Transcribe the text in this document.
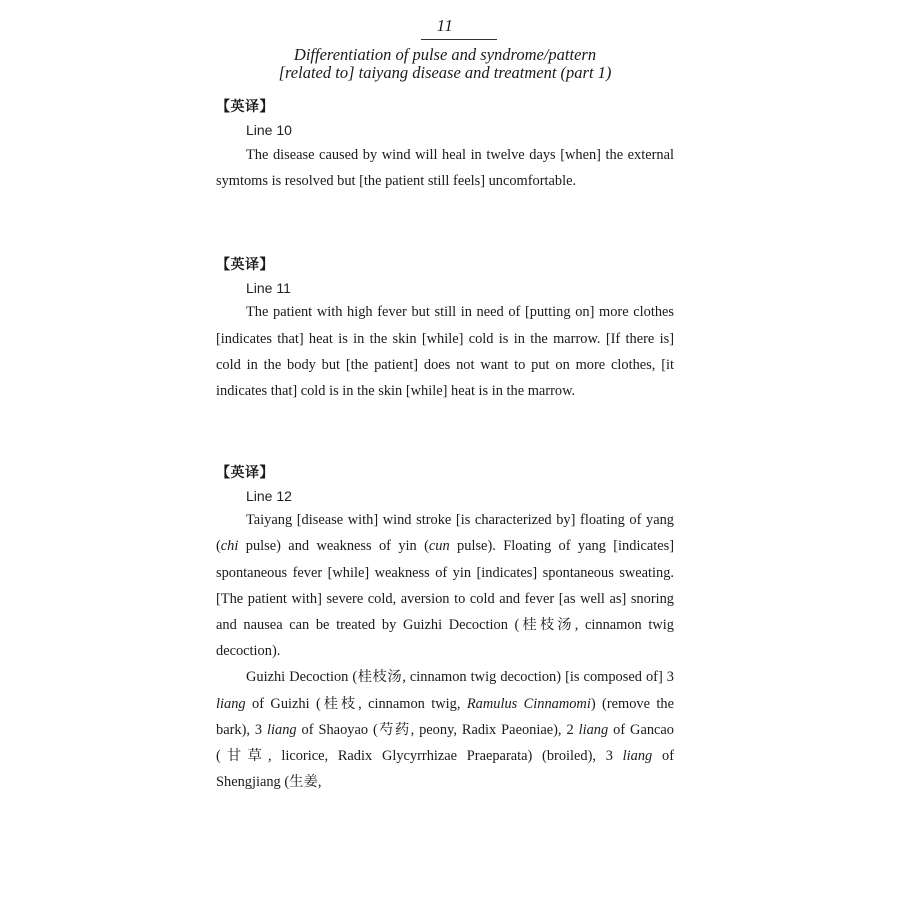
11

Differentiation of pulse and syndrome/pattern

[related to] taiyang disease and treatment (part 1)

【英译】

Line 10

The disease caused by wind will heal in twelve days [when] the external symtoms is resolved but [the patient still feels] uncomfortable.

【英译】

Line 11

The patient with high fever but still in need of [putting on] more clothes [indicates that] heat is in the skin [while] cold is in the marrow. [If there is] cold in the body but [the patient] does not want to put on more clothes, [it indicates that] cold is in the skin [while] heat is in the marrow.

【英译】

Line 12

Taiyang [disease with] wind stroke [is characterized by] floating of yang (chi pulse) and weakness of yin (cun pulse). Floating of yang [indicates] spontaneous fever [while] weakness of yin [indicates] spontaneous sweating. [The patient with] severe cold, aversion to cold and fever [as well as] snoring and nausea can be treated by Guizhi Decoction (桂枝汤, cinnamon twig decoction).

Guizhi Decoction (桂枝汤, cinnamon twig decoction) [is composed of] 3 liang of Guizhi (桂枝, cinnamon twig, Ramulus Cinnamomi) (remove the bark), 3 liang of Shaoyao (芍药, peony, Radix Paeoniae), 2 liang of Gancao (甘草, licorice, Radix Glycyrrhizae Praeparata) (broiled), 3 liang of Shengjiang (生姜,
